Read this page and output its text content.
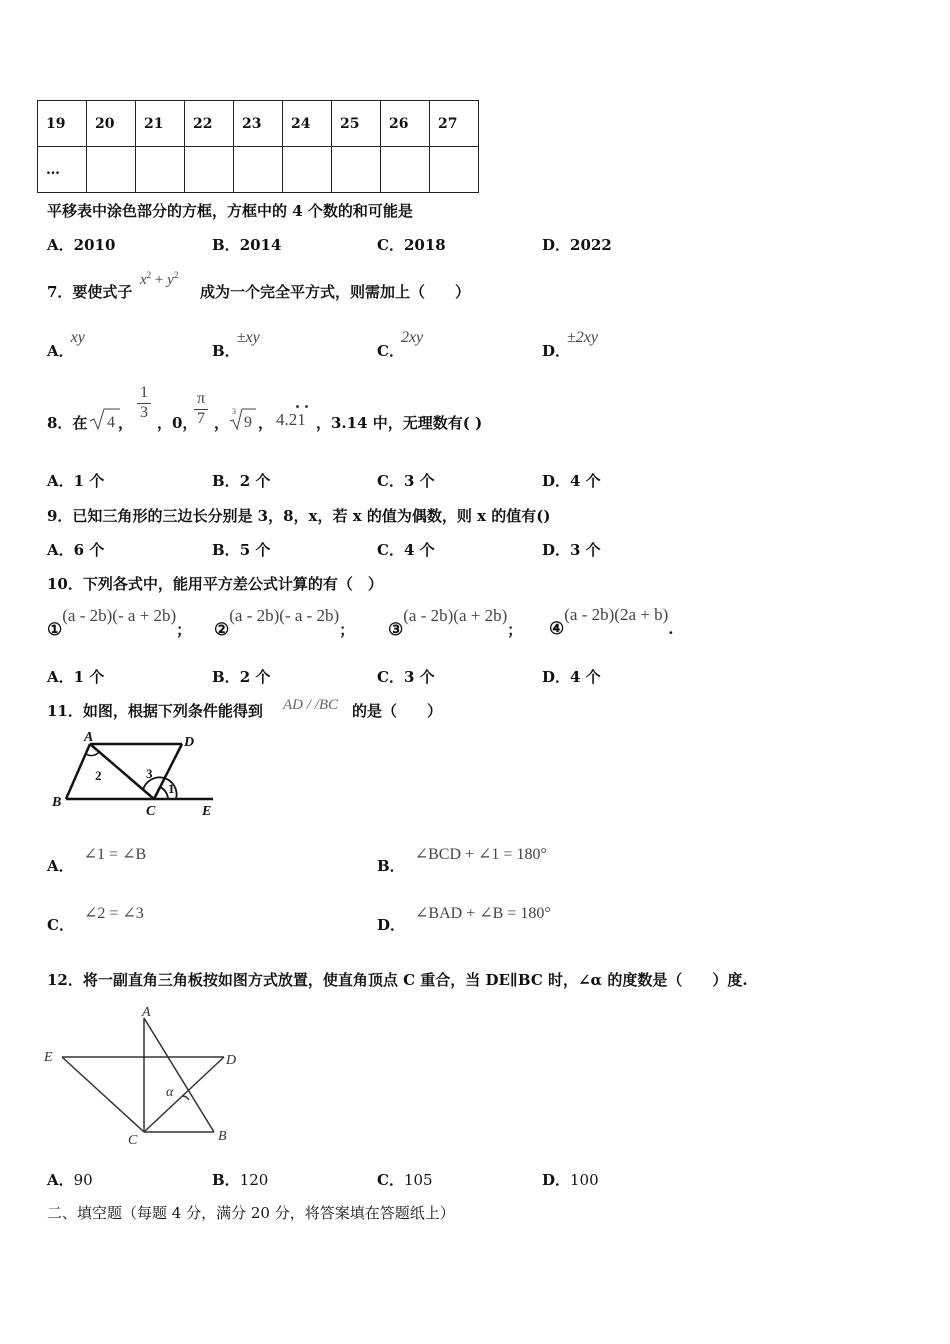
19	20	21	22	23	24	25	26	27
…								
平移表中涂色部分的方框，方框中的 4 个数的和可能是
A．2010	B．2014	C．2018	D．2022
7．要使式子
$x^2 + y^2$
成为一个完全平方式，则需加上（　　）
A．xy
B．±xy
C．2xy
D．±2xy
8．在 4 ，
1
3
，0，
π
7 ，
3
9 ， 4.21 ，3.14 中，无理数有( )
A．1 个	B．2 个	C．3 个	D．4 个
9．已知三角形的三边长分别是 3，8，x，若 x 的值为偶数，则 x 的值有()
A．6 个	B．5 个	C．4 个	D．3 个
10．下列各式中，能用平方差公式计算的有（　）
①(a - 2b)(- a + 2b)； ②(a - 2b)(- a - 2b)； ③(a - 2b)(a + 2b)； ④(a - 2b)(2a + b).
A．1 个	B．2 个	C．3 个	D．4 个
11．如图，根据下列条件能得到 AD / /BC 的是（　　）
A	D
B
C	E
2	3
1
A．∠1 = ∠B
B．∠BCD + ∠1 = 180°
C．∠2 = ∠3
D．∠BAD + ∠B = 180°
12．将一副直角三角板按如图方式放置，使直角顶点 C 重合，当 DE∥BC 时，∠α 的度数是（　　）度.
A
E	D
C	B
α
A．90	B．120	C．105	D．100
二、填空题（每题 4 分，满分 20 分，将答案填在答题纸上）
